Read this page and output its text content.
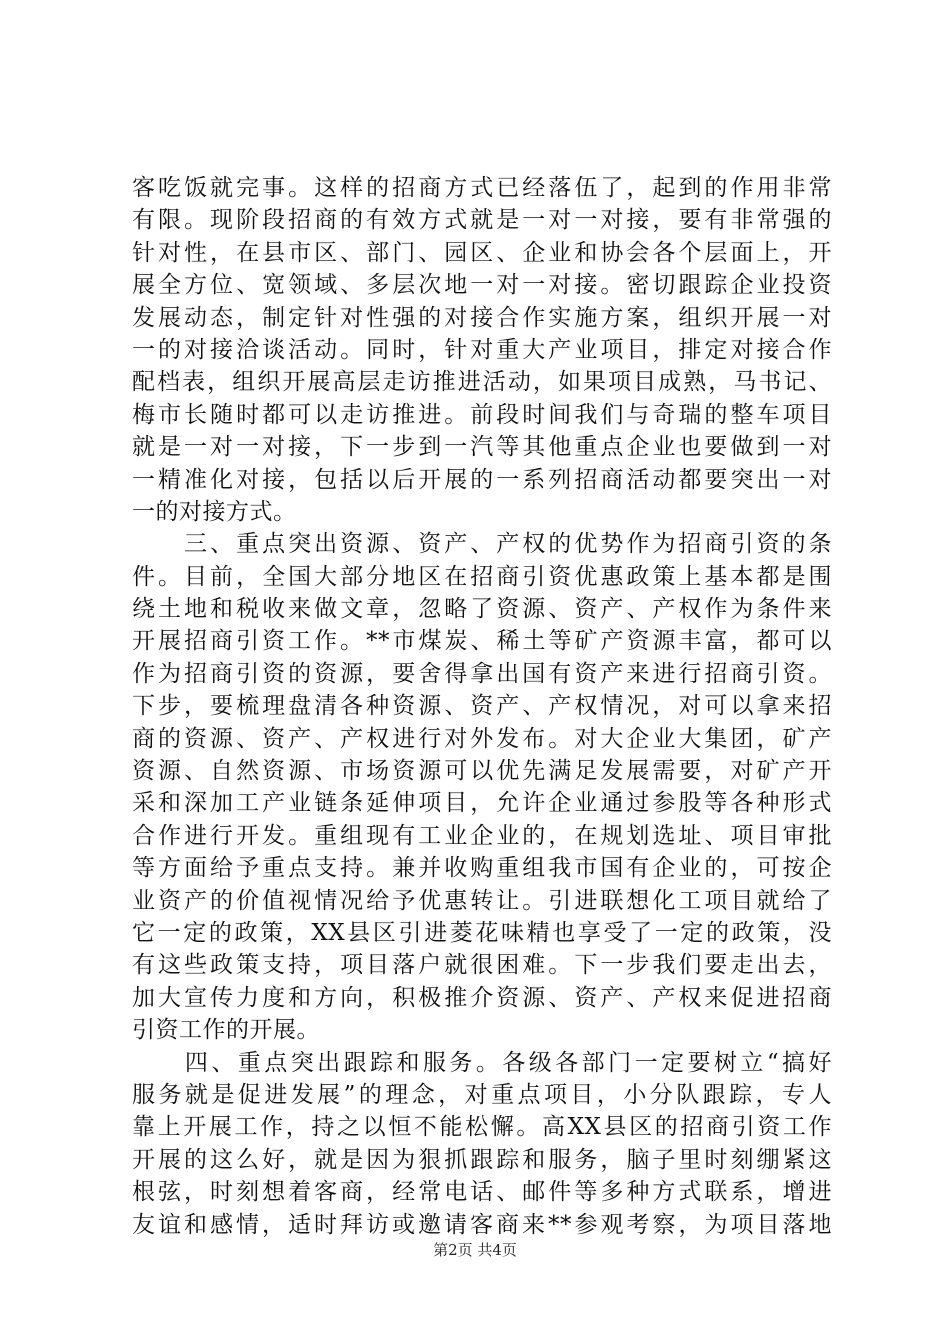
客吃饭就完事。这样的招商方式已经落伍了，起到的作用非常
有限。现阶段招商的有效方式就是一对一对接，要有非常强的
针对性，在县市区、部门、园区、企业和协会各个层面上，开
展全方位、宽领域、多层次地一对一对接。密切跟踪企业投资
发展动态，制定针对性强的对接合作实施方案，组织开展一对
一的对接洽谈活动。同时，针对重大产业项目，排定对接合作
配档表，组织开展高层走访推进活动，如果项目成熟，马书记、
梅市长随时都可以走访推进。前段时间我们与奇瑞的整车项目
就是一对一对接，下一步到一汽等其他重点企业也要做到一对
一精准化对接，包括以后开展的一系列招商活动都要突出一对
一的对接方式。
　　三、重点突出资源、资产、产权的优势作为招商引资的条
件。目前，全国大部分地区在招商引资优惠政策上基本都是围
绕土地和税收来做文章，忽略了资源、资产、产权作为条件来
开展招商引资工作。**市煤炭、稀土等矿产资源丰富，都可以
作为招商引资的资源，要舍得拿出国有资产来进行招商引资。
下步，要梳理盘清各种资源、资产、产权情况，对可以拿来招
商的资源、资产、产权进行对外发布。对大企业大集团，矿产
资源、自然资源、市场资源可以优先满足发展需要，对矿产开
采和深加工产业链条延伸项目，允许企业通过参股等各种形式
合作进行开发。重组现有工业企业的，在规划选址、项目审批
等方面给予重点支持。兼并收购重组我市国有企业的，可按企
业资产的价值视情况给予优惠转让。引进联想化工项目就给了
它一定的政策，XX县区引进菱花味精也享受了一定的政策，没
有这些政策支持，项目落户就很困难。下一步我们要走出去，
加大宣传力度和方向，积极推介资源、资产、产权来促进招商
引资工作的开展。
　　四、重点突出跟踪和服务。各级各部门一定要树立“搞好
服务就是促进发展”的理念，对重点项目，小分队跟踪，专人
靠上开展工作，持之以恒不能松懈。高XX县区的招商引资工作
开展的这么好，就是因为狠抓跟踪和服务，脑子里时刻绷紧这
根弦，时刻想着客商，经常电话、邮件等多种方式联系，增进
友谊和感情，适时拜访或邀请客商来**参观考察，为项目落地
第2页 共4页
